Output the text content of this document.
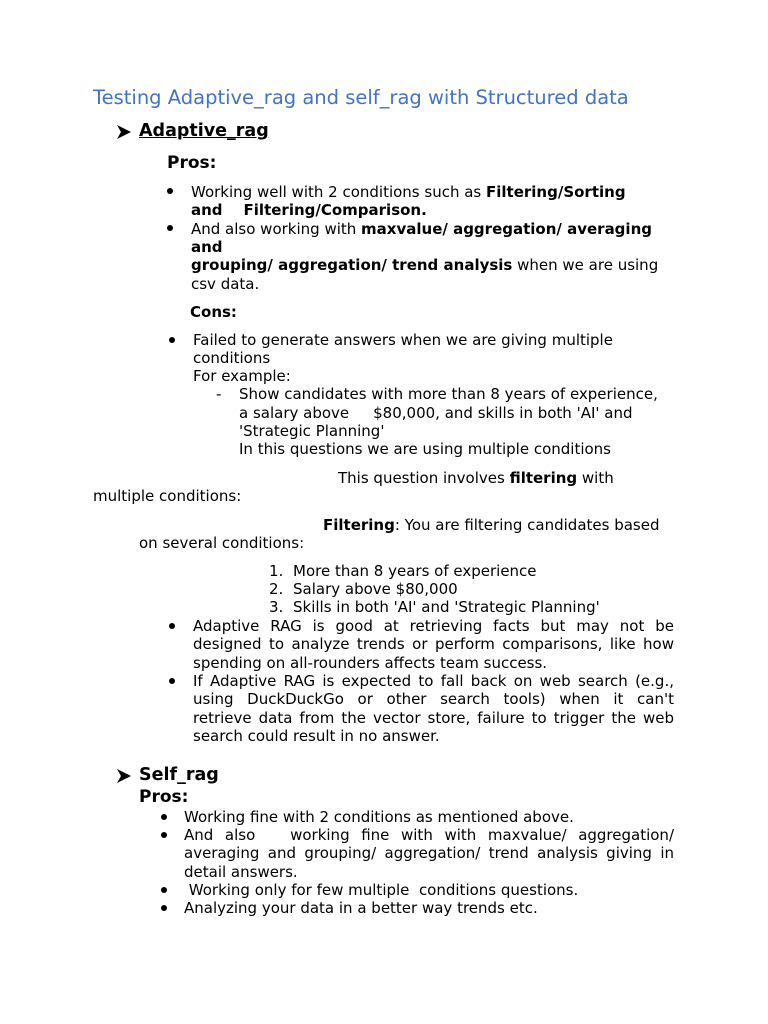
Testing Adaptive_rag and self_rag with Structured data
Adaptive_rag
Pros:
Working well with 2 conditions such as Filtering/Sorting
and Filtering/Comparison.
And also working with maxvalue/ aggregation/ averaging
and
grouping/ aggregation/ trend analysis when we are using
csv data.
Cons:
Failed to generate answers when we are giving multiple
conditions
For example:
- Show candidates with more than 8 years of experience,
a salary above $80,000, and skills in both 'AI' and
'Strategic Planning'
In this questions we are using multiple conditions
This question involves filtering with
multiple conditions:
Filtering: You are filtering candidates based
on several conditions:
1. More than 8 years of experience
2. Salary above $80,000
3. Skills in both 'AI' and 'Strategic Planning'
Adaptive RAG is good at retrieving facts but may not be
designed to analyze trends or perform comparisons, like how
spending on all-rounders affects team success.
If Adaptive RAG is expected to fall back on web search (e.g.,
using DuckDuckGo or other search tools) when it can't
retrieve data from the vector store, failure to trigger the web
search could result in no answer.
Self_rag
Pros:
Working fine with 2 conditions as mentioned above.
And also   working fine with with maxvalue/ aggregation/
averaging and grouping/ aggregation/ trend analysis giving in
detail answers.
Working only for few multiple  conditions questions.
Analyzing your data in a better way trends etc.
